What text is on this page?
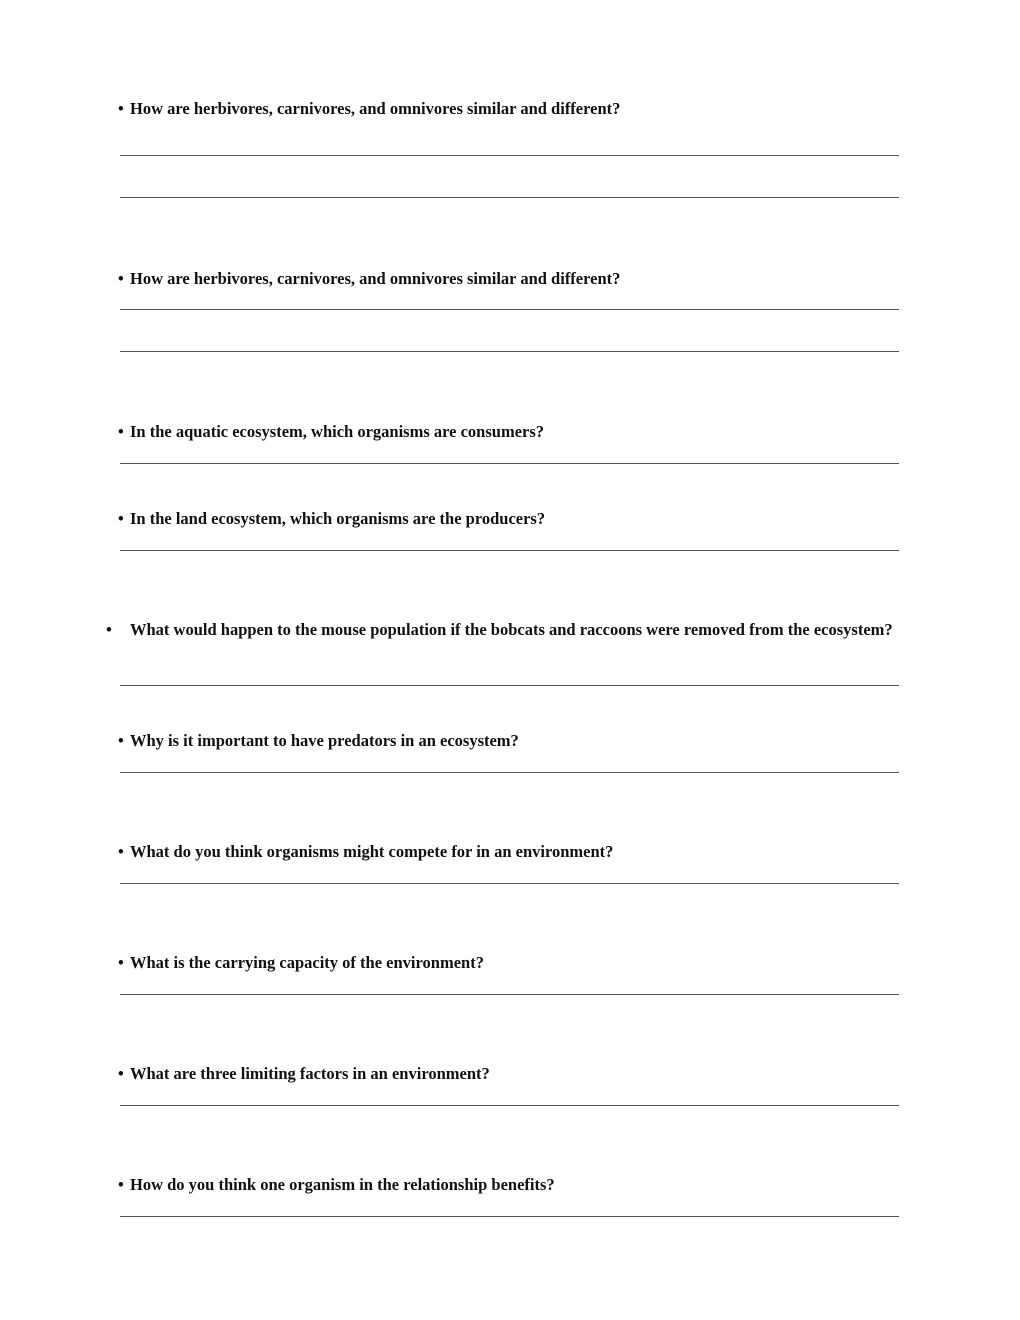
• How are herbivores, carnivores, and omnivores similar and different?
• How are herbivores, carnivores, and omnivores similar and different?
• In the aquatic ecosystem, which organisms are consumers?
• In the land ecosystem, which organisms are the producers?
• What would happen to the mouse population if the bobcats and raccoons were removed from the ecosystem?
• Why is it important to have predators in an ecosystem?
• What do you think organisms might compete for in an environment?
• What is the carrying capacity of the environment?
• What are three limiting factors in an environment?
• How do you think one organism in the relationship benefits?
